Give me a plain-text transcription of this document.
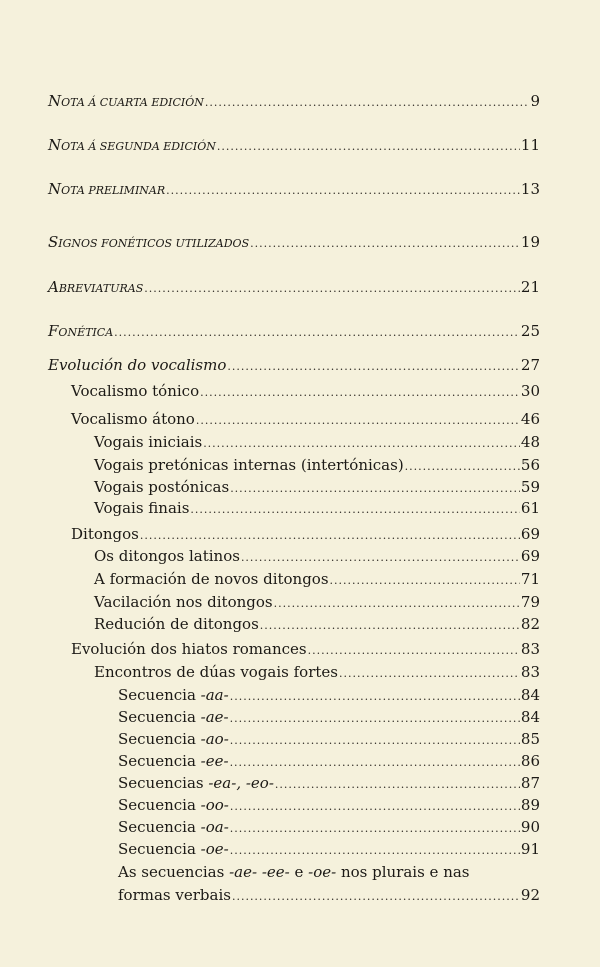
NOTA Á CUARTA EDICIÓN .....	9
NOTA Á SEGUNDA EDICIÓN .....	11
NOTA PRELIMINAR .....	13
SIGNOS FONÉTICOS UTILIZADOS .....	19
ABREVIATURAS .....	21
FONÉTICA .....	25
Evolución do vocalismo .....	27
Vocalismo tónico .....	30
Vocalismo átono .....	46
Vogais iniciais .....	48
Vogais pretónicas internas (intertónicas) .....	56
Vogais postónicas .....	59
Vogais finais .....	61
Ditongos .....	69
Os ditongos latinos .....	69
A formación de novos ditongos .....	71
Vacilación nos ditongos .....	79
Redución de ditongos .....	82
Evolución dos hiatos romances .....	83
Encontros de dúas vogais fortes .....	83
Secuencia -aa- .....	84
Secuencia -ae- .....	84
Secuencia -ao- .....	85
Secuencia -ee- .....	86
Secuencias -ea-, -eo- .....	87
Secuencia -oo- .....	89
Secuencia -oa- .....	90
Secuencia -oe- .....	91
As secuencias -ae- -ee- e -oe- nos plurais e nas
formas verbais .....	92
